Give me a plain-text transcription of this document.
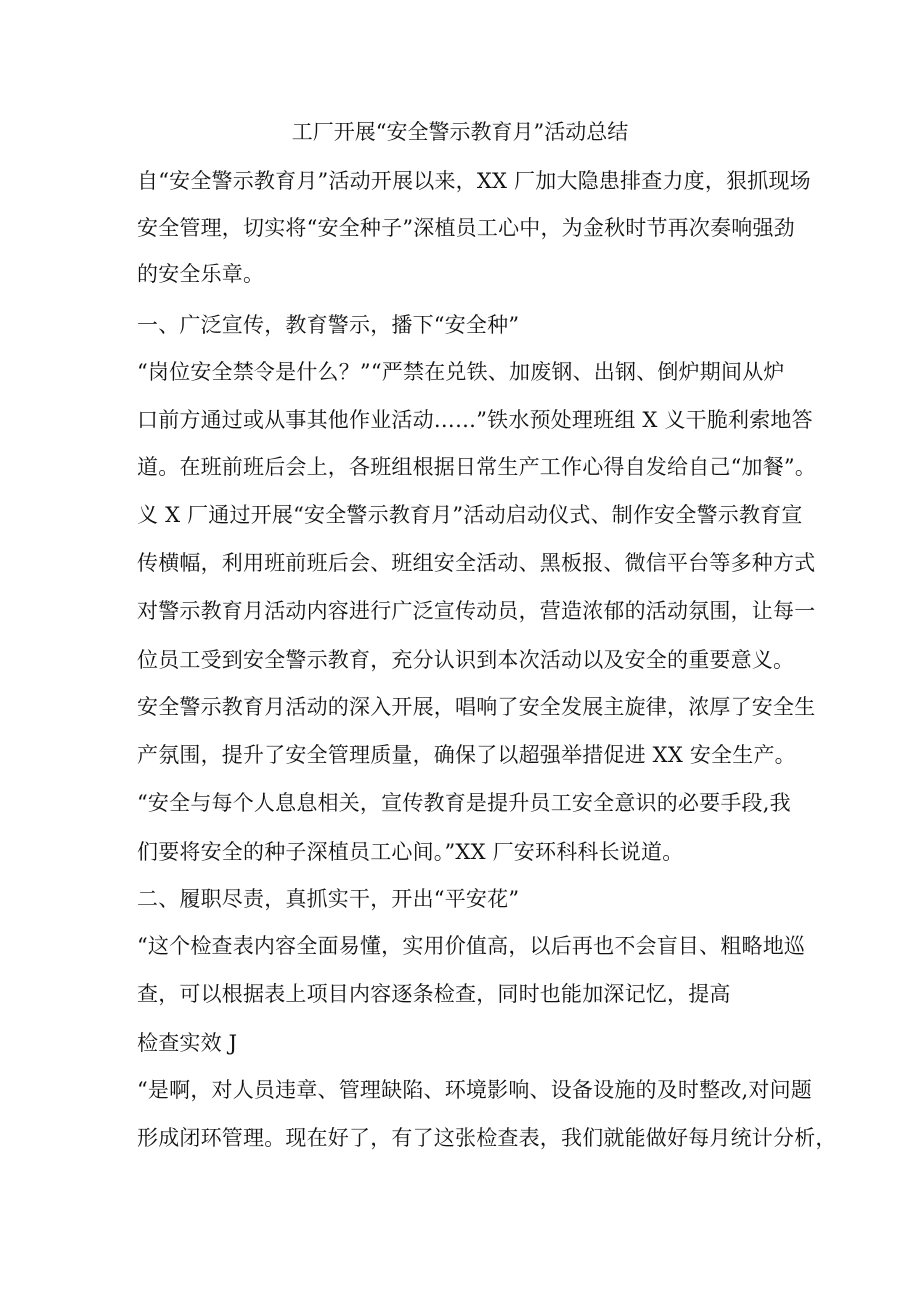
工厂开展“安全警示教育月”活动总结
自“安全警示教育月”活动开展以来，XX 厂加大隐患排查力度，狠抓现场
安全管理，切实将“安全种子”深植员工心中，为金秋时节再次奏响强劲
的安全乐章。
一、广泛宣传，教育警示，播下“安全种”
“岗位安全禁令是什么？”“严禁在兑铁、加废钢、出钢、倒炉期间从炉
口前方通过或从事其他作业活动……”铁水预处理班组 X 义干脆利索地答
道。在班前班后会上，各班组根据日常生产工作心得自发给自己“加餐”。
义 X 厂通过开展“安全警示教育月”活动启动仪式、制作安全警示教育宣
传横幅，利用班前班后会、班组安全活动、黑板报、微信平台等多种方式
对警示教育月活动内容进行广泛宣传动员，营造浓郁的活动氛围，让每一
位员工受到安全警示教育，充分认识到本次活动以及安全的重要意义。
安全警示教育月活动的深入开展，唱响了安全发展主旋律，浓厚了安全生
产氛围，提升了安全管理质量，确保了以超强举措促进 XX 安全生产。
“安全与每个人息息相关，宣传教育是提升员工安全意识的必要手段,我
们要将安全的种子深植员工心间。”XX 厂安环科科长说道。
二、履职尽责，真抓实干，开出“平安花”
“这个检查表内容全面易懂，实用价值高，以后再也不会盲目、粗略地巡
查，可以根据表上项目内容逐条检查，同时也能加深记忆，提高
检查实效 J
“是啊，对人员违章、管理缺陷、环境影响、设备设施的及时整改,对问题
形成闭环管理。现在好了，有了这张检查表，我们就能做好每月统计分析，
